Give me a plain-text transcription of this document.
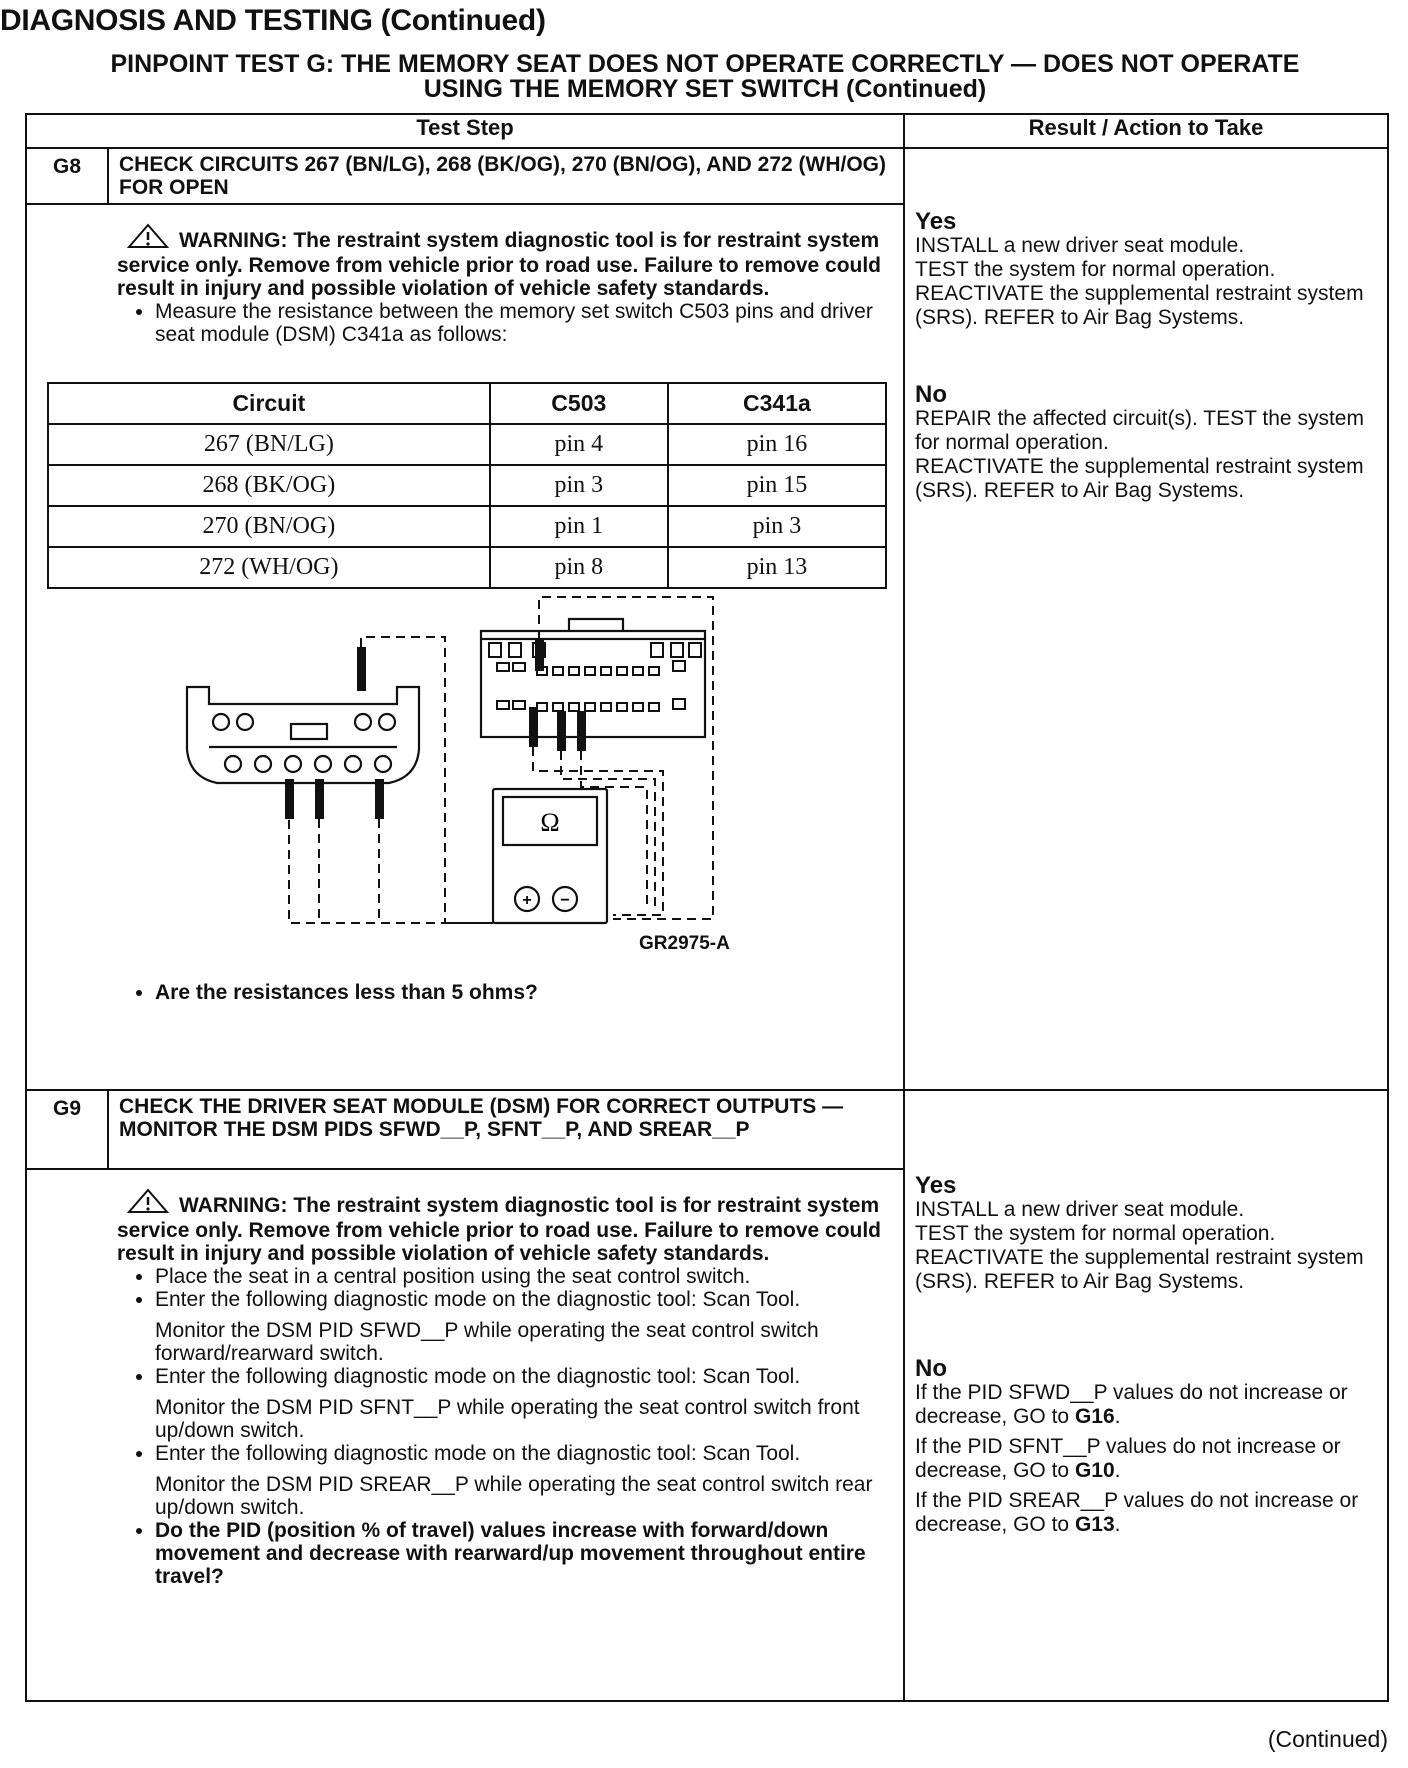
DIAGNOSIS AND TESTING (Continued)
PINPOINT TEST G: THE MEMORY SEAT DOES NOT OPERATE CORRECTLY — DOES NOT OPERATE
USING THE MEMORY SET SWITCH (Continued)
Test Step	Result / Action to Take
G8	CHECK CIRCUITS 267 (BN/LG), 268 (BK/OG), 270 (BN/OG), AND 272 (WH/OG) FOR OPEN	
Yes
INSTALL a new driver seat module.
TEST the system for normal operation.
REACTIVATE the supplemental restraint system (SRS). REFER to Air Bag Systems.
No
REPAIR the affected circuit(s). TEST the system for normal operation.
REACTIVATE the supplemental restraint system (SRS). REFER to Air Bag Systems.

WARNING: The restraint system diagnostic tool is for restraint system service only. Remove from vehicle prior to road use. Failure to remove could result in injury and possible violation of vehicle safety standards.
• Measure the resistance between the memory set switch C503 pins and driver seat module (DSM) C341a as follows:
Circuit	C503	C341a
267 (BN/LG)	pin 4	pin 16
268 (BK/OG)	pin 3	pin 15
270 (BN/OG)	pin 1	pin 3
272 (WH/OG)	pin 8	pin 13
Ω
+ −
GR2975-A
• Are the resistances less than 5 ohms?

G9	CHECK THE DRIVER SEAT MODULE (DSM) FOR CORRECT OUTPUTS — MONITOR THE DSM PIDS SFWD__P, SFNT__P, AND SREAR__P	
Yes
INSTALL a new driver seat module.
TEST the system for normal operation.
REACTIVATE the supplemental restraint system (SRS). REFER to Air Bag Systems.
No
If the PID SFWD__P values do not increase or decrease, GO to G16.
If the PID SFNT__P values do not increase or decrease, GO to G10.
If the PID SREAR__P values do not increase or decrease, GO to G13.

WARNING: The restraint system diagnostic tool is for restraint system service only. Remove from vehicle prior to road use. Failure to remove could result in injury and possible violation of vehicle safety standards.
• Place the seat in a central position using the seat control switch.
• Enter the following diagnostic mode on the diagnostic tool: Scan Tool.
Monitor the DSM PID SFWD__P while operating the seat control switch forward/rearward switch.
• Enter the following diagnostic mode on the diagnostic tool: Scan Tool.
Monitor the DSM PID SFNT__P while operating the seat control switch front up/down switch.
• Enter the following diagnostic mode on the diagnostic tool: Scan Tool.
Monitor the DSM PID SREAR__P while operating the seat control switch rear up/down switch.
• Do the PID (position % of travel) values increase with forward/down movement and decrease with rearward/up movement throughout entire travel?
(Continued)
